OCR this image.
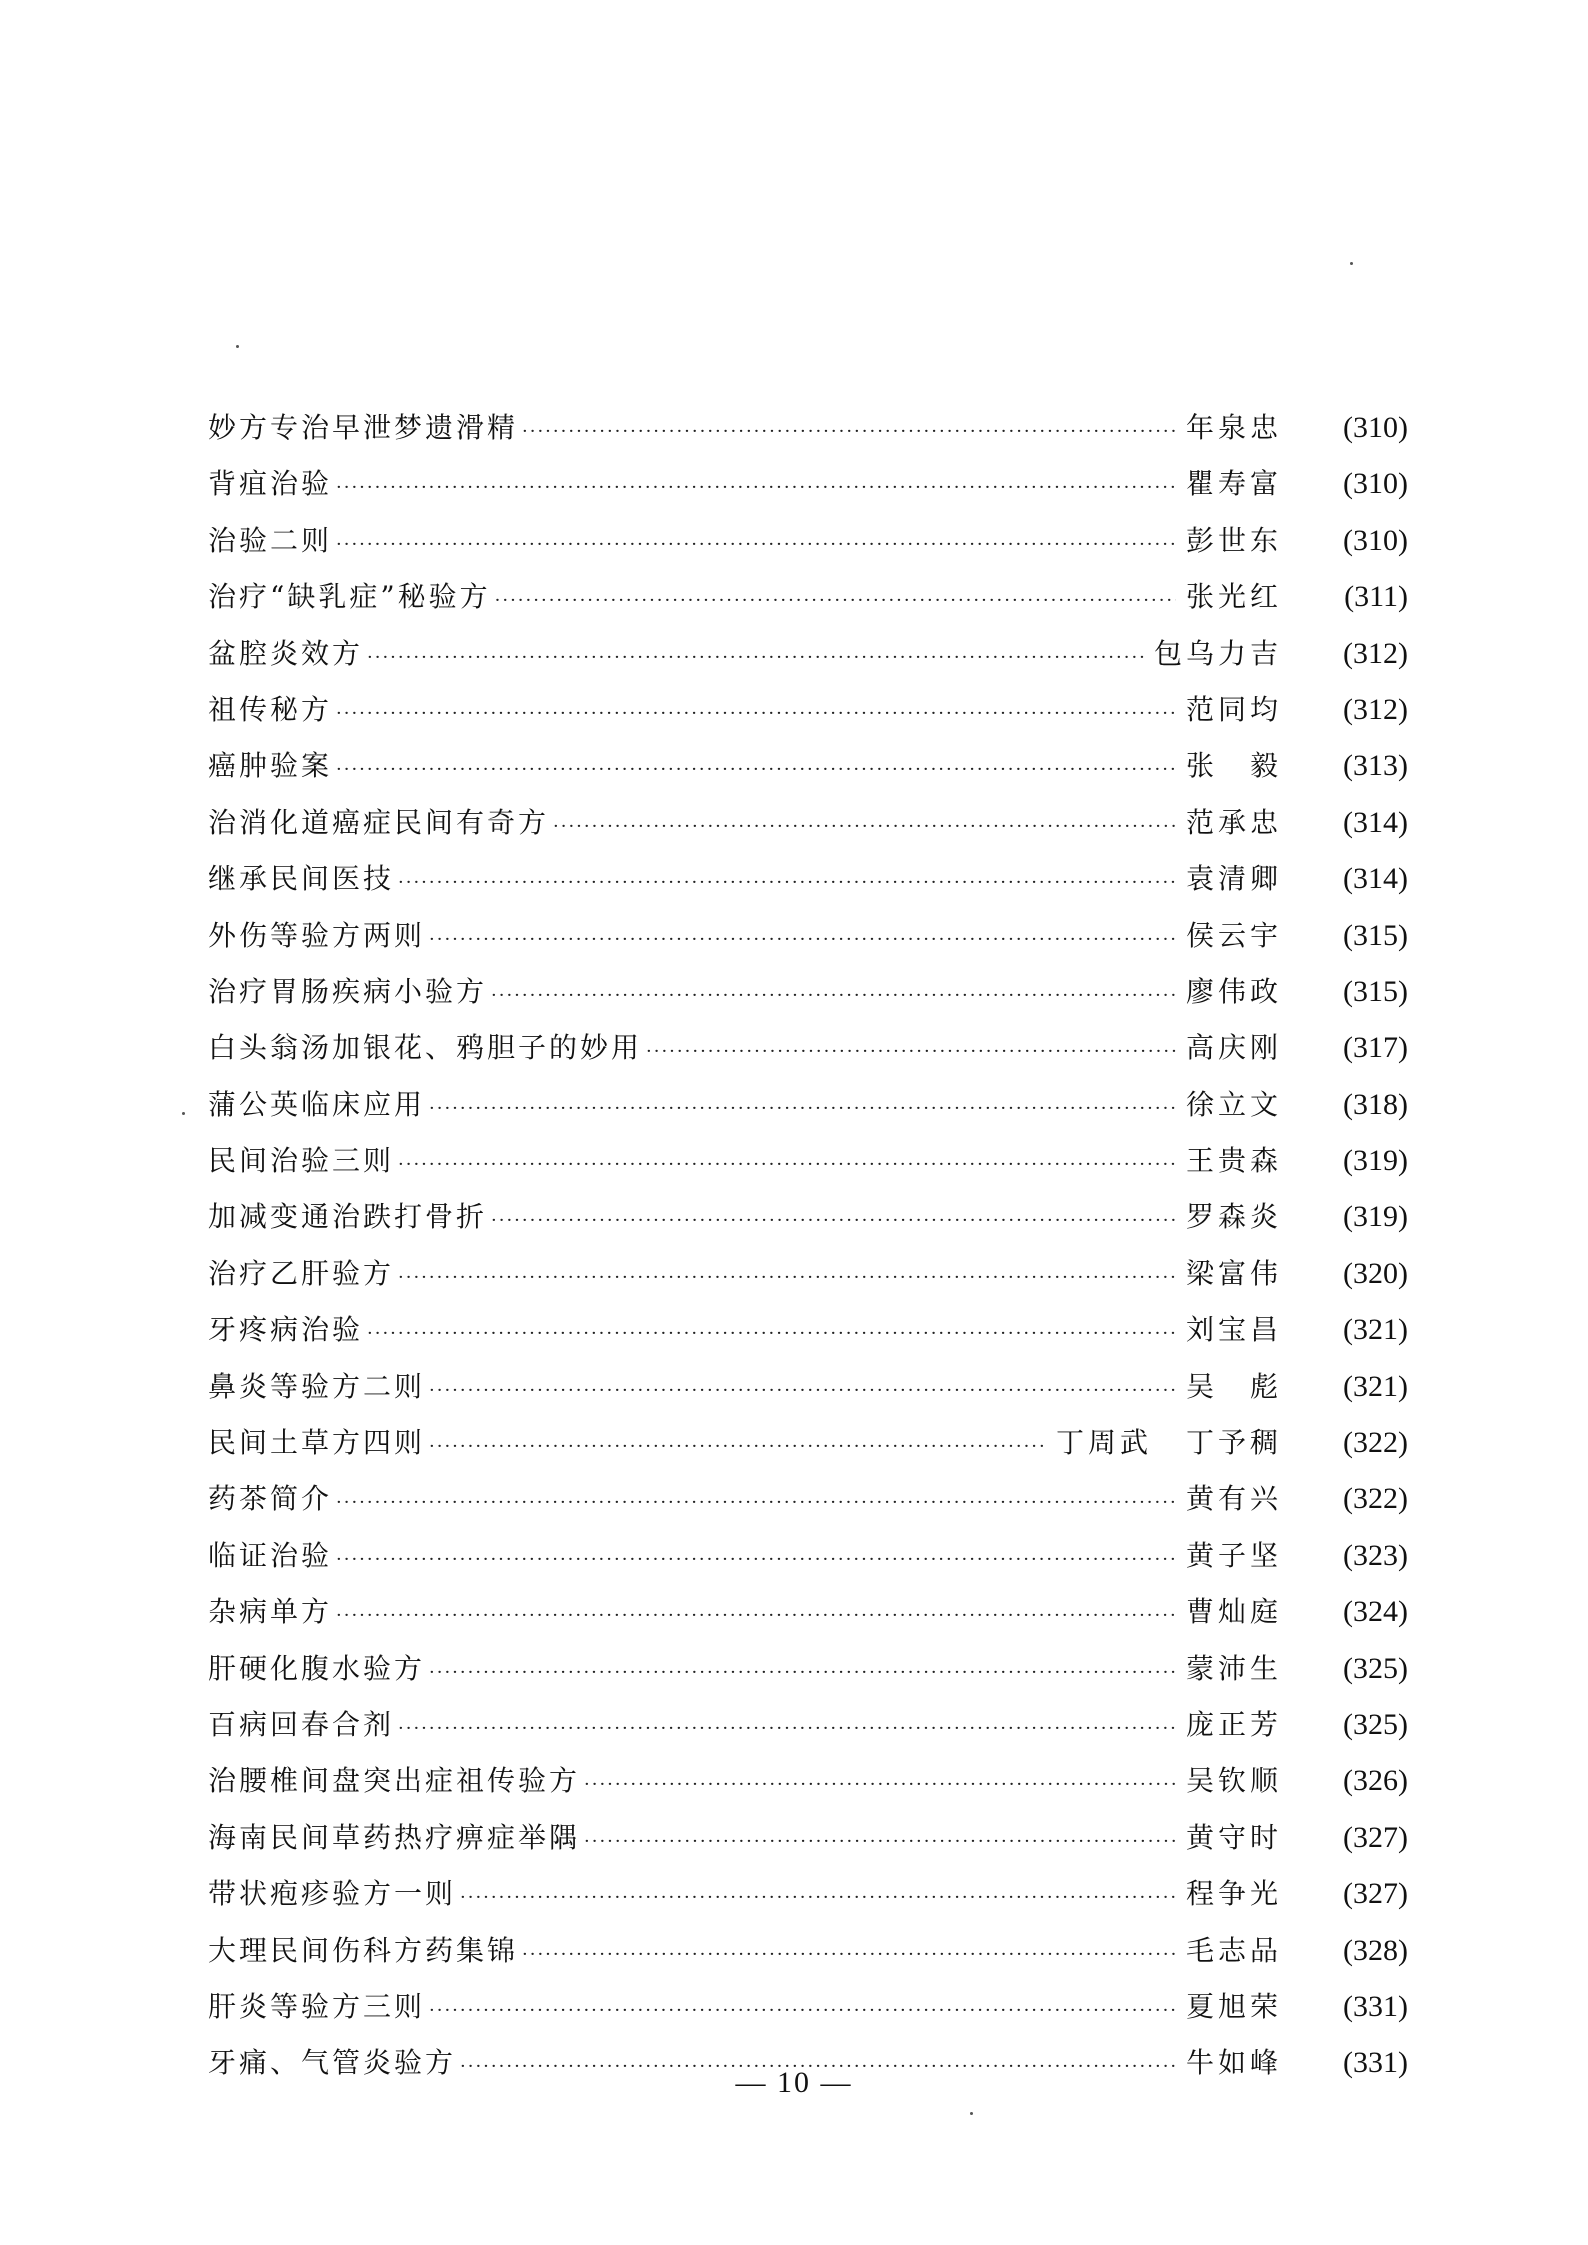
妙方专治早泄梦遗滑精 ·····	年泉忠	(310)
背疽治验 ·····	瞿寿富	(310)
治验二则 ·····	彭世东	(310)
治疗“缺乳症”秘验方 ·····	张光红	(311)
盆腔炎效方 ·····	包乌力吉	(312)
祖传秘方 ·····	范同均	(312)
癌肿验案 ·····	张　毅	(313)
治消化道癌症民间有奇方 ·····	范承忠	(314)
继承民间医技 ·····	袁清卿	(314)
外伤等验方两则 ·····	侯云宇	(315)
治疗胃肠疾病小验方 ·····	廖伟政	(315)
白头翁汤加银花、鸦胆子的妙用 ·····	高庆刚	(317)
蒲公英临床应用 ·····	徐立文	(318)
民间治验三则 ·····	王贵森	(319)
加减变通治跌打骨折 ·····	罗森炎	(319)
治疗乙肝验方 ·····	梁富伟	(320)
牙疼病治验 ·····	刘宝昌	(321)
鼻炎等验方二则 ·····	吴　彪	(321)
民间土草方四则 ·····	丁周武 丁予稠	(322)
药茶简介 ·····	黄有兴	(322)
临证治验 ·····	黄子坚	(323)
杂病单方 ·····	曹灿庭	(324)
肝硬化腹水验方 ·····	蒙沛生	(325)
百病回春合剂 ·····	庞正芳	(325)
治腰椎间盘突出症祖传验方 ·····	吴钦顺	(326)
海南民间草药热疗痹症举隅 ·····	黄守时	(327)
带状疱疹验方一则 ·····	程争光	(327)
大理民间伤科方药集锦 ·····	毛志品	(328)
肝炎等验方三则 ·····	夏旭荣	(331)
牙痛、气管炎验方 ·····	牛如峰	(331)
— 10 —
